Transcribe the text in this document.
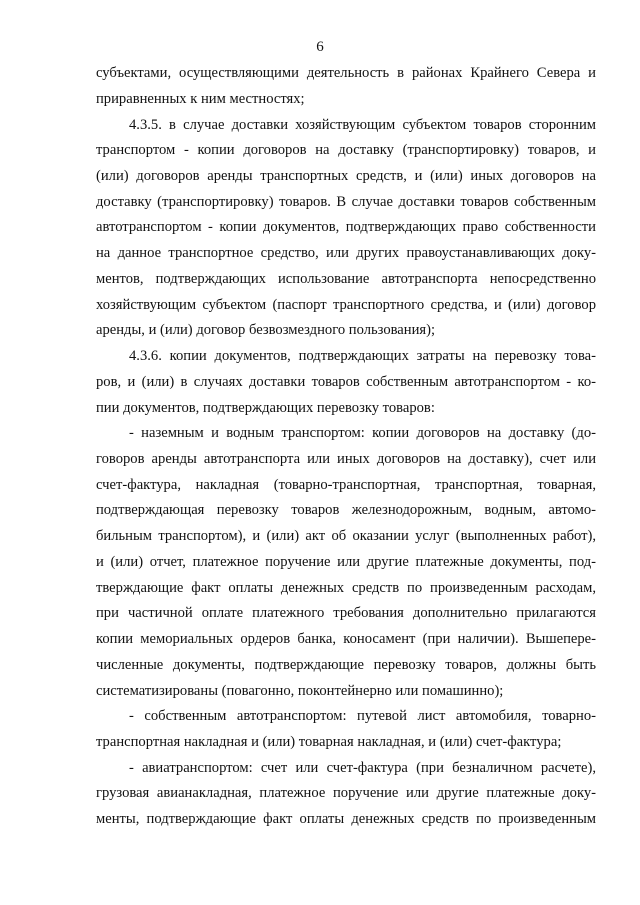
6
субъектами, осуществляющими деятельность в районах Крайнего Севера и
приравненных к ним местностях;
4.3.5. в случае доставки хозяйствующим субъектом товаров сторонним
транспортом - копии договоров на доставку (транспортировку) товаров, и
(или) договоров аренды транспортных средств, и (или) иных договоров на
доставку (транспортировку) товаров. В случае доставки товаров собственным
автотранспортом - копии документов, подтверждающих право собственности
на данное транспортное средство, или других правоустанавливающих доку-
ментов, подтверждающих использование автотранспорта непосредственно
хозяйствующим субъектом (паспорт транспортного средства, и (или) договор
аренды, и (или) договор безвозмездного пользования);
4.3.6. копии документов, подтверждающих затраты на перевозку това-
ров, и (или) в случаях доставки товаров собственным автотранспортом - ко-
пии документов, подтверждающих перевозку товаров:
- наземным и водным транспортом: копии договоров на доставку (до-
говоров аренды автотранспорта или иных договоров на доставку), счет или
счет-фактура, накладная (товарно-транспортная, транспортная, товарная,
подтверждающая перевозку товаров железнодорожным, водным, автомо-
бильным транспортом), и (или) акт об оказании услуг (выполненных работ),
и (или) отчет, платежное поручение или другие платежные документы, под-
тверждающие факт оплаты денежных средств по произведенным расходам,
при частичной оплате платежного требования дополнительно прилагаются
копии мемориальных ордеров банка, коносамент (при наличии). Вышепере-
численные документы, подтверждающие перевозку товаров, должны быть
систематизированы (повагонно, поконтейнерно или помашинно);
- собственным автотранспортом: путевой лист автомобиля, товарно-
транспортная накладная и (или) товарная накладная, и (или) счет-фактура;
- авиатранспортом: счет или счет-фактура (при безналичном расчете),
грузовая авианакладная, платежное поручение или другие платежные доку-
менты, подтверждающие факт оплаты денежных средств по произведенным
